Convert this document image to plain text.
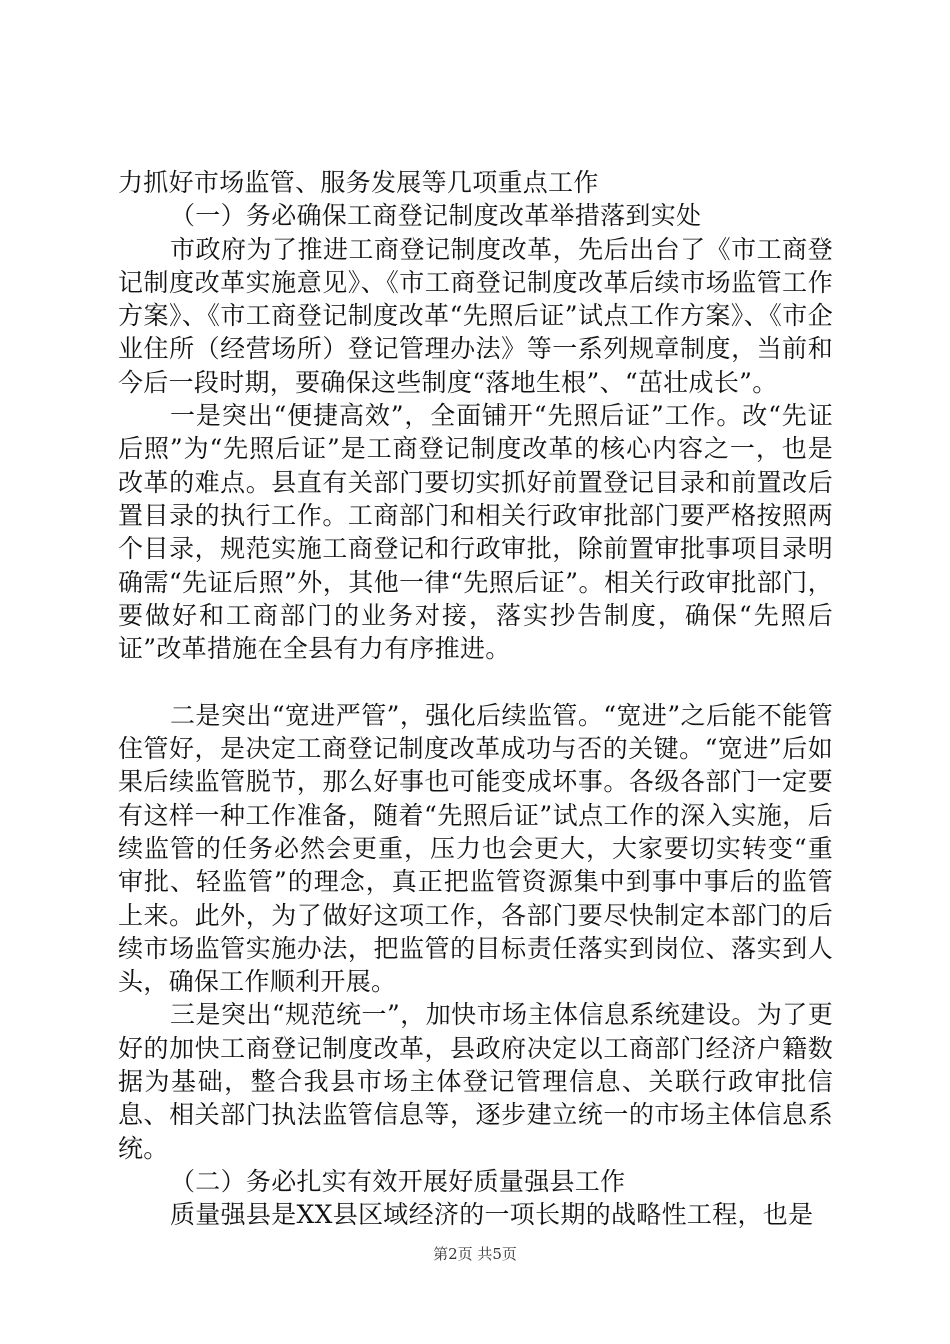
力抓好市场监管、服务发展等几项重点工作

（一）务必确保工商登记制度改革举措落到实处

市政府为了推进工商登记制度改革，先后出台了《市工商登记制度改革实施意见》、《市工商登记制度改革后续市场监管工作方案》、《市工商登记制度改革“先照后证”试点工作方案》、《市企业住所（经营场所）登记管理办法》等一系列规章制度，当前和今后一段时期，要确保这些制度“落地生根”、“茁壮成长”。

一是突出“便捷高效”，全面铺开“先照后证”工作。改“先证后照”为“先照后证”是工商登记制度改革的核心内容之一，也是改革的难点。县直有关部门要切实抓好前置登记目录和前置改后置目录的执行工作。工商部门和相关行政审批部门要严格按照两个目录，规范实施工商登记和行政审批，除前置审批事项目录明确需“先证后照”外，其他一律“先照后证”。相关行政审批部门，要做好和工商部门的业务对接，落实抄告制度，确保“先照后证”改革措施在全县有力有序推进。

二是突出“宽进严管”，强化后续监管。“宽进”之后能不能管住管好，是决定工商登记制度改革成功与否的关键。“宽进”后如果后续监管脱节，那么好事也可能变成坏事。各级各部门一定要有这样一种工作准备，随着“先照后证”试点工作的深入实施，后续监管的任务必然会更重，压力也会更大，大家要切实转变“重审批、轻监管”的理念，真正把监管资源集中到事中事后的监管上来。此外，为了做好这项工作，各部门要尽快制定本部门的后续市场监管实施办法，把监管的目标责任落实到岗位、落实到人头，确保工作顺利开展。

三是突出“规范统一”，加快市场主体信息系统建设。为了更好的加快工商登记制度改革，县政府决定以工商部门经济户籍数据为基础，整合我县市场主体登记管理信息、关联行政审批信息、相关部门执法监管信息等，逐步建立统一的市场主体信息系统。

（二）务必扎实有效开展好质量强县工作

质量强县是XX县区域经济的一项长期的战略性工程，也是

第2页 共5页
